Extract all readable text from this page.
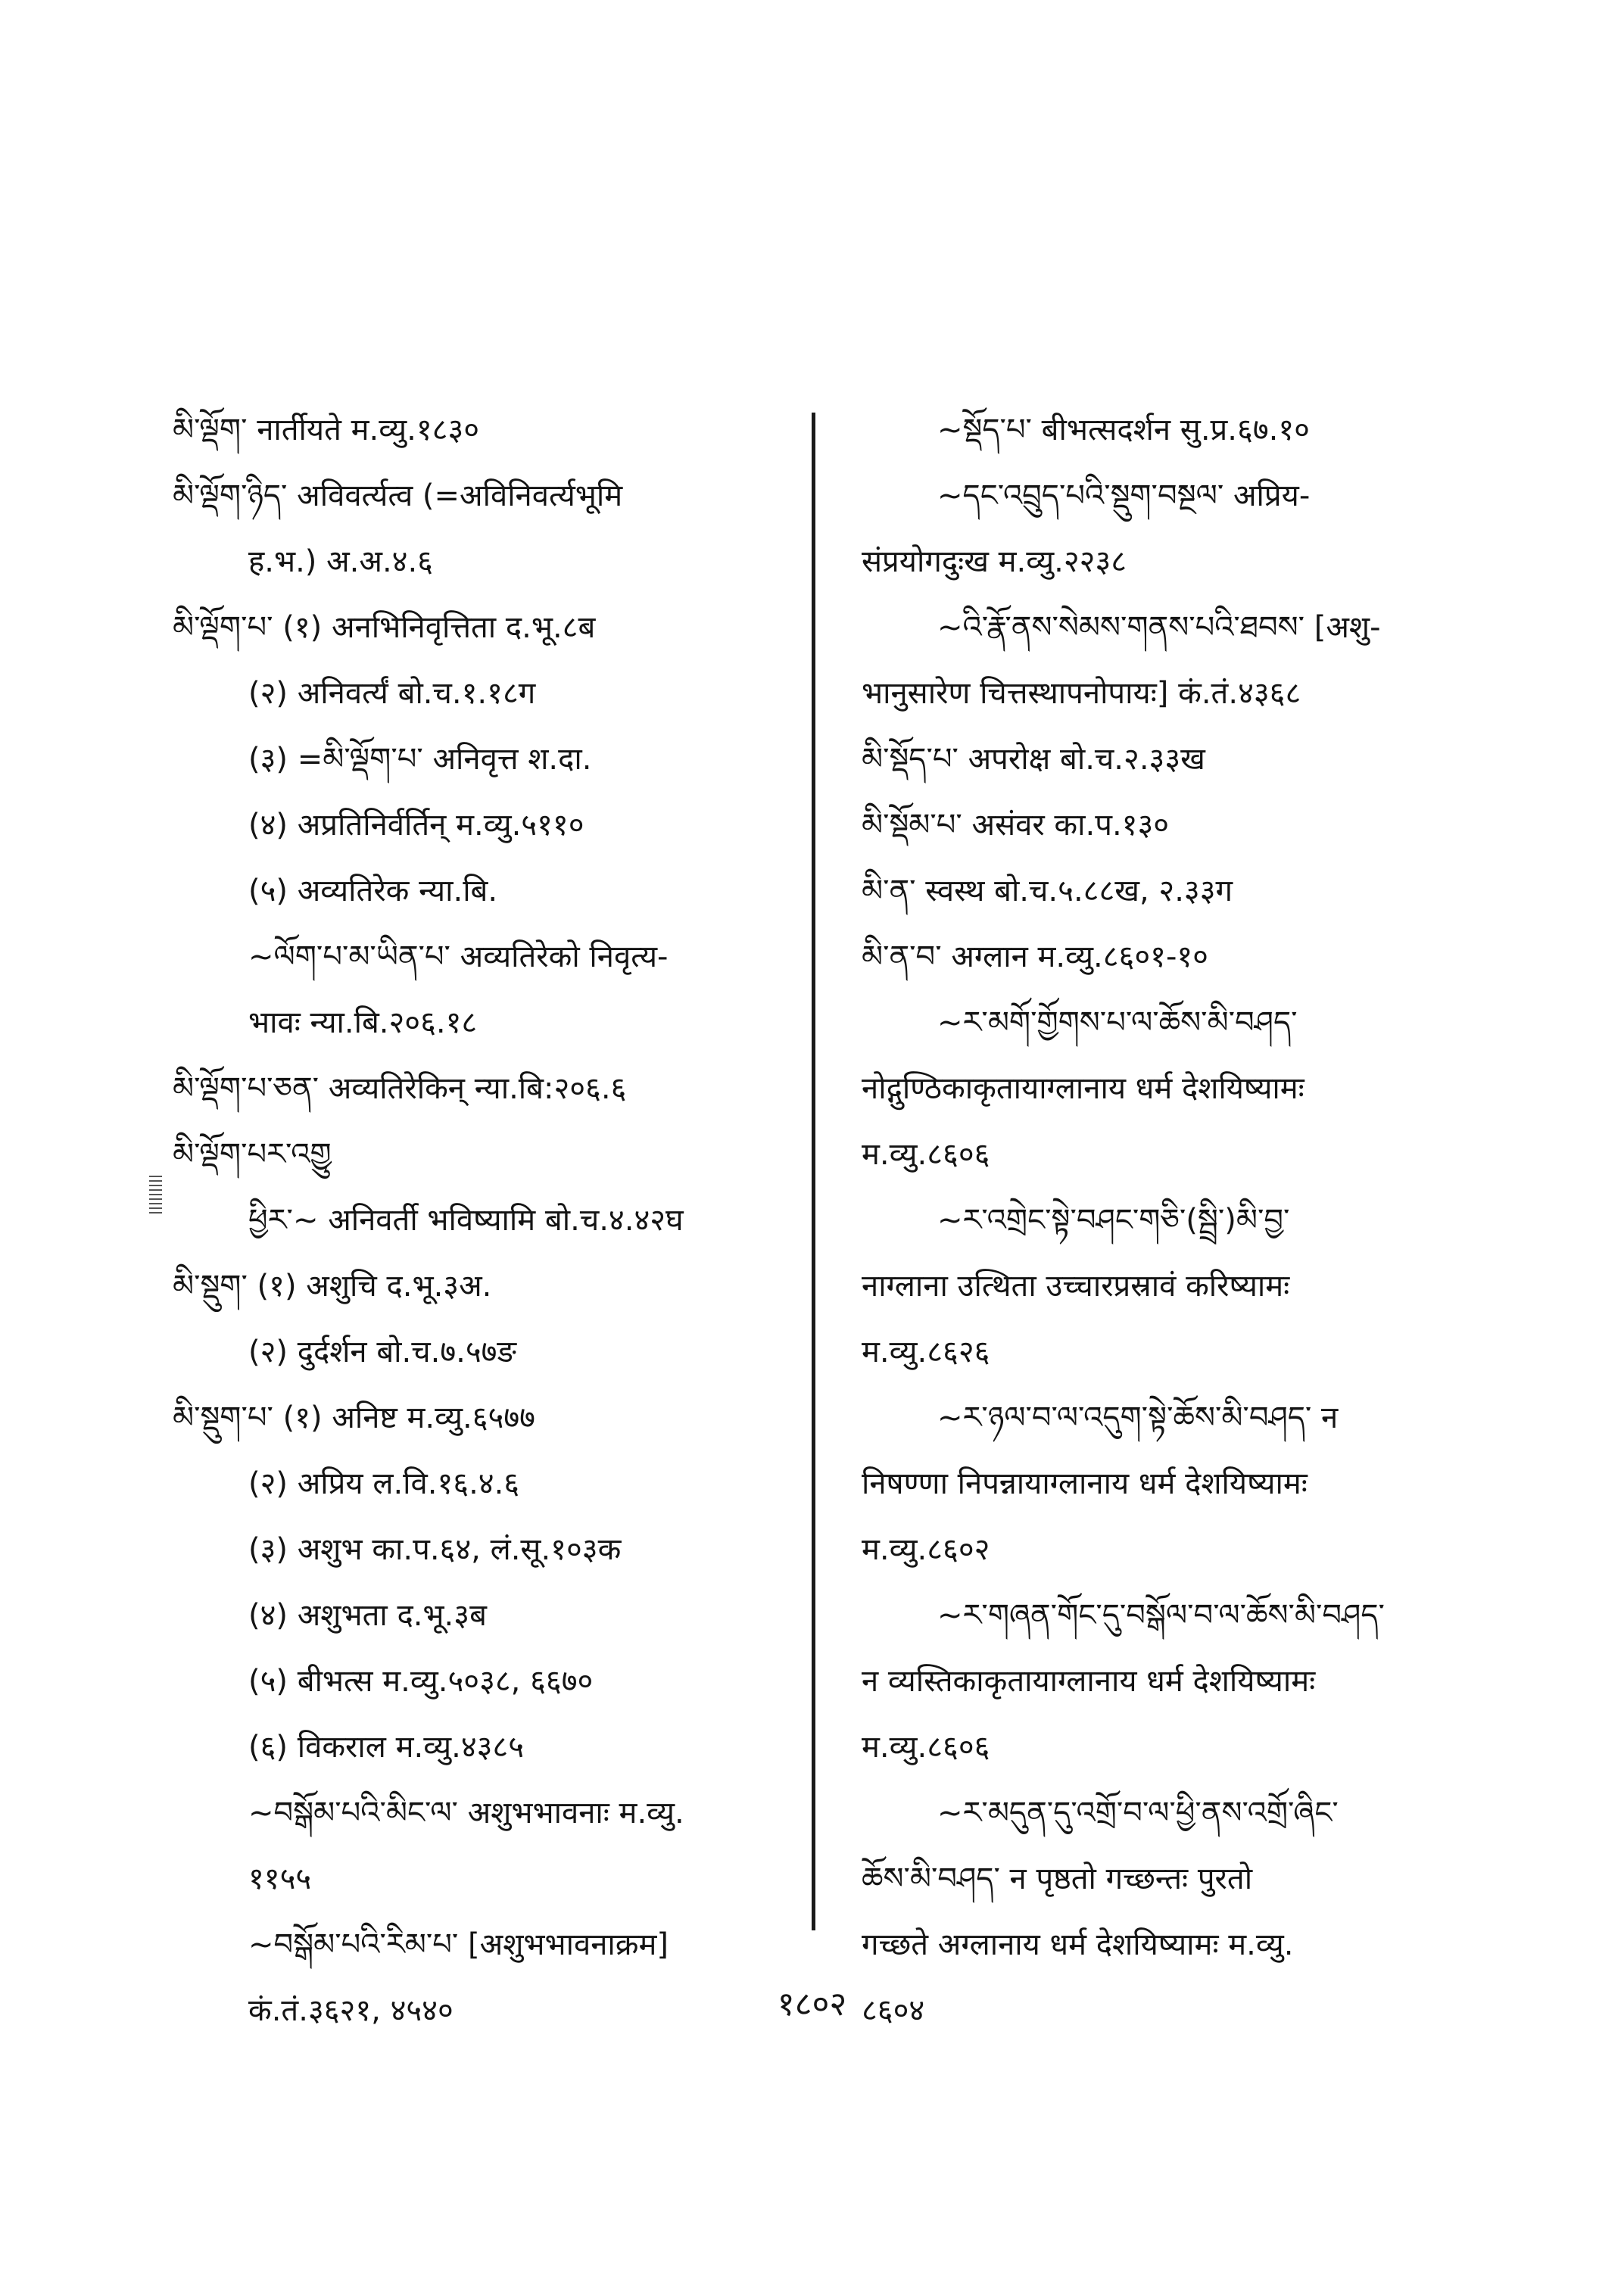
མི་ལྡོག་ नार्तीयते म.व्यु.१८३०
མི་ལྡོག་ཉིད་ अविवर्त्यत्व (=अविनिवर्त्यभूमि
ह.भ.) अ.अ.४.६
མི་ལྡོག་པ་ (१) अनभिनिवृत्तिता द.भू.८ब
(२) अनिवर्त्यं बो.च.१.१८ग
(३) =མི་ལྡོག་པ་ अनिवृत्त श.दा.
(४) अप्रतिनिर्वर्तिन् म.व्यु.५११०
(५) अव्यतिरेक न्या.बि.
~ལོག་པ་མ་ཡིན་པ་ अव्यतिरेको निवृत्य-
भावः न्या.बि.२०६.१८
མི་ལྡོག་པ་ཅན་ अव्यतिरेकिन् न्या.बि:२०६.६
མི་ལྡོག་པར་འགྱུ
ཕྱིར་~ अनिवर्ती भविष्यामि बो.च.४.४२घ
མི་སྡུག་ (१) अशुचि द.भू.३अ.
(२) दुर्दर्शन बो.च.७.५७ङ
མི་སྡུག་པ་ (१) अनिष्ट म.व्यु.६५७७
(२) अप्रिय ल.वि.१६.४.६
(३) अशुभ का.प.६४, लं.सू.१०३क
(४) अशुभता द.भू.३ब
(५) बीभत्स म.व्यु.५०३८, ६६७०
(६) विकराल म.व्यु.४३८५
~བསྒོམ་པའི་མིང་ལ་ अशुभभावनाः म.व्यु.
११५५
~བསྒོམ་པའི་རིམ་པ་ [अशुभभावनाक्रम]
कं.तं.३६२१, ४५४०
~སྡོད་པ་ बीभत्सदर्शन सु.प्र.६७.१०
~དང་འབྲུད་པའི་སྡུག་བསྔལ་ अप्रिय-
संप्रयोगदुःख म.व्यु.२२३८
~འི་རྣོ་ནས་སེམས་གནས་པའི་ཐབས་ [अशु-
भानुसारेण चित्तस्थापनोपायः] कं.तं.४३६८
མི་སྡོད་པ་ अपरोक्ष बो.च.२.३३ख
མི་སྡོམ་པ་ असंवर का.प.१३०
མི་ན་ स्वस्थ बो.च.५.८८ख, २.३३ग
མི་ན་བ་ अग्लान म.व्यु.८६०१-१०
~ར་མགོ་གྱོགས་པ་ལ་ཆོས་མི་བཤད་
नोद्गुण्ठिकाकृतायाग्लानाय धर्म देशयिष्यामः
म.व्यु.८६०६
~ར་འགྲེང་སྟེ་བཤང་གཅི་(སྦྲི་)མི་བྱ་
नाग्लाना उत्थिता उच्चारप्रस्रावं करिष्यामः
म.व्यु.८६२६
~ར་ཉལ་བ་ལ་འདུག་སྟེ་ཆོས་མི་བཤད་ न
निषण्णा निपन्नायाग्लानाय धर्म देशयिष्यामः
म.व्यु.८६०२
~ར་གཞན་གོང་དུ་བསྒོལ་བ་ལ་ཆོས་མི་བཤད་
न व्यस्तिकाकृतायाग्लानाय धर्म देशयिष्यामः
म.व्यु.८६०६
~ར་མདུན་དུ་འགྲོ་བ་ལ་ཕྱི་ནས་འགྲོ་ཞིང་
ཆོས་མི་བཤད་ न पृष्ठतो गच्छन्तः पुरतो
गच्छते अग्लानाय धर्म देशयिष्यामः म.व्यु.
८६०४
१८०२
